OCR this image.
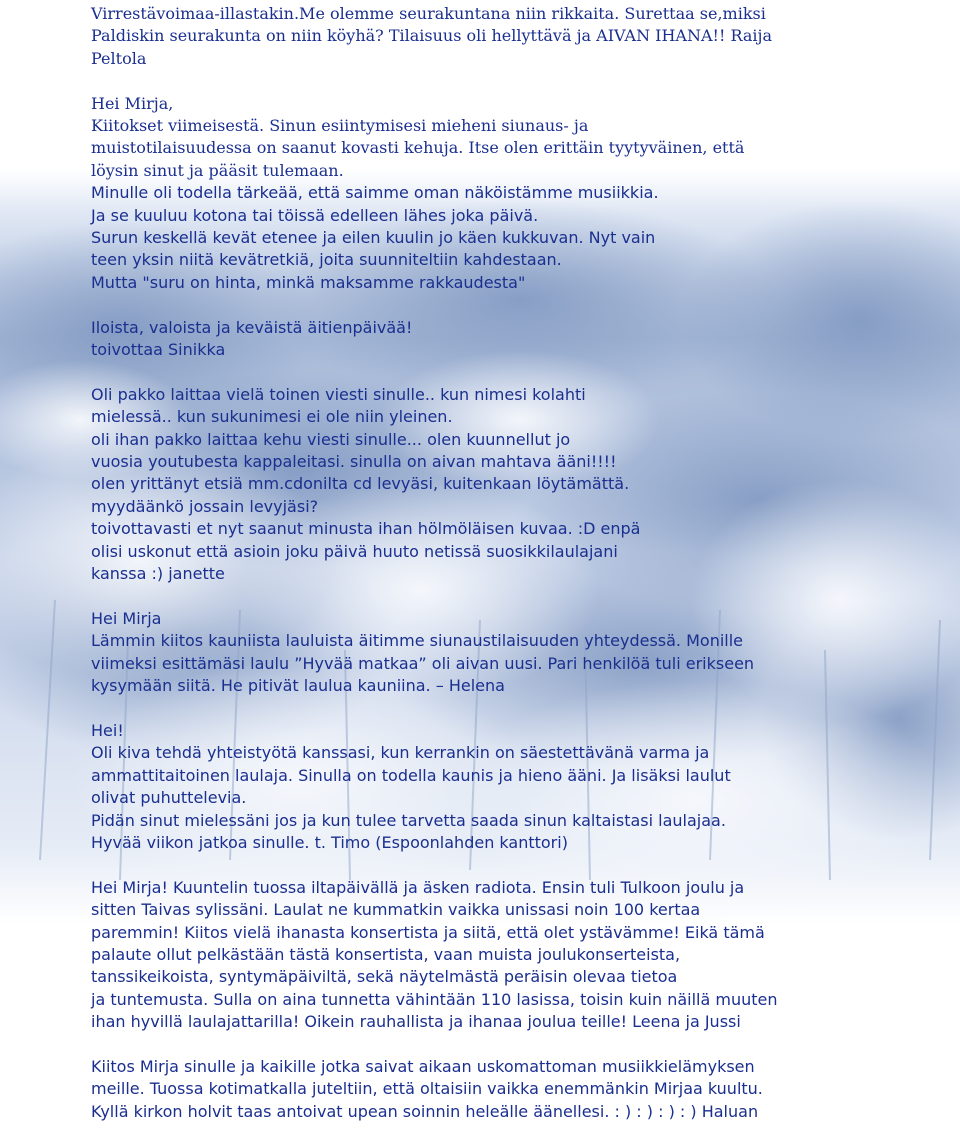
Virrestävoimaa-illastakin.Me olemme seurakuntana niin rikkaita. Surettaa se,miksi
Paldiskin seurakunta on niin köyhä? Tilaisuus oli hellyttävä ja AIVAN IHANA!! Raija
Peltola
Hei Mirja,
Kiitokset viimeisestä. Sinun esiintymisesi mieheni siunaus- ja
muistotilaisuudessa on saanut kovasti kehuja. Itse olen erittäin tyytyväinen, että
löysin sinut ja pääsit tulemaan.
Minulle oli todella tärkeää, että saimme oman näköistämme musiikkia.
Ja se kuuluu kotona tai töissä edelleen lähes joka päivä.
Surun keskellä kevät etenee ja eilen kuulin jo käen kukkuvan. Nyt vain
teen yksin niitä kevätretkiä, joita suunniteltiin kahdestaan.
Mutta "suru on hinta, minkä maksamme rakkaudesta"
Iloista, valoista ja keväistä äitienpäivää!
toivottaa Sinikka
Oli pakko laittaa vielä toinen viesti sinulle.. kun nimesi kolahti
mielessä.. kun sukunimesi ei ole niin yleinen.
oli ihan pakko laittaa kehu viesti sinulle... olen kuunnellut jo
vuosia youtubesta kappaleitasi. sinulla on aivan mahtava ääni!!!!
olen yrittänyt etsiä mm.cdonilta cd levyäsi, kuitenkaan löytämättä.
myydäänkö jossain levyjäsi?
toivottavasti et nyt saanut minusta ihan hölmöläisen kuvaa. :D enpä
olisi uskonut että asioin joku päivä huuto netissä suosikkilaulajani
kanssa :) janette
Hei Mirja
Lämmin kiitos kauniista lauluista äitimme siunaustilaisuuden yhteydessä. Monille
viimeksi esittämäsi laulu ”Hyvää matkaa” oli aivan uusi. Pari henkilöä tuli erikseen
kysymään siitä. He pitivät laulua kauniina. – Helena
Hei!
Oli kiva tehdä yhteistyötä kanssasi, kun kerrankin on säestettävänä varma ja
ammattitaitoinen laulaja. Sinulla on todella kaunis ja hieno ääni. Ja lisäksi laulut
olivat puhuttelevia.
Pidän sinut mielessäni jos ja kun tulee tarvetta saada sinun kaltaistasi laulajaa.
Hyvää viikon jatkoa sinulle. t. Timo (Espoonlahden kanttori)
Hei Mirja! Kuuntelin tuossa iltapäivällä ja äsken radiota. Ensin tuli Tulkoon joulu ja
sitten Taivas sylissäni. Laulat ne kummatkin vaikka unissasi noin 100 kertaa
paremmin! Kiitos vielä ihanasta konsertista ja siitä, että olet ystävämme! Eikä tämä
palaute ollut pelkästään tästä konsertista, vaan muista joulukonserteista,
tanssikeikoista, syntymäpäiviltä, sekä näytelmästä peräisin olevaa tietoa
ja tuntemusta. Sulla on aina tunnetta vähintään 110 lasissa, toisin kuin näillä muuten
ihan hyvillä laulajattarilla! Oikein rauhallista ja ihanaa joulua teille! Leena ja Jussi
Kiitos Mirja sinulle ja kaikille jotka saivat aikaan uskomattoman musiikkielämyksen
meille. Tuossa kotimatkalla juteltiin, että oltaisiin vaikka enemmänkin Mirjaa kuultu.
Kyllä kirkon holvit taas antoivat upean soinnin heleälle äänellesi. : ) : ) : ) : ) Haluan
